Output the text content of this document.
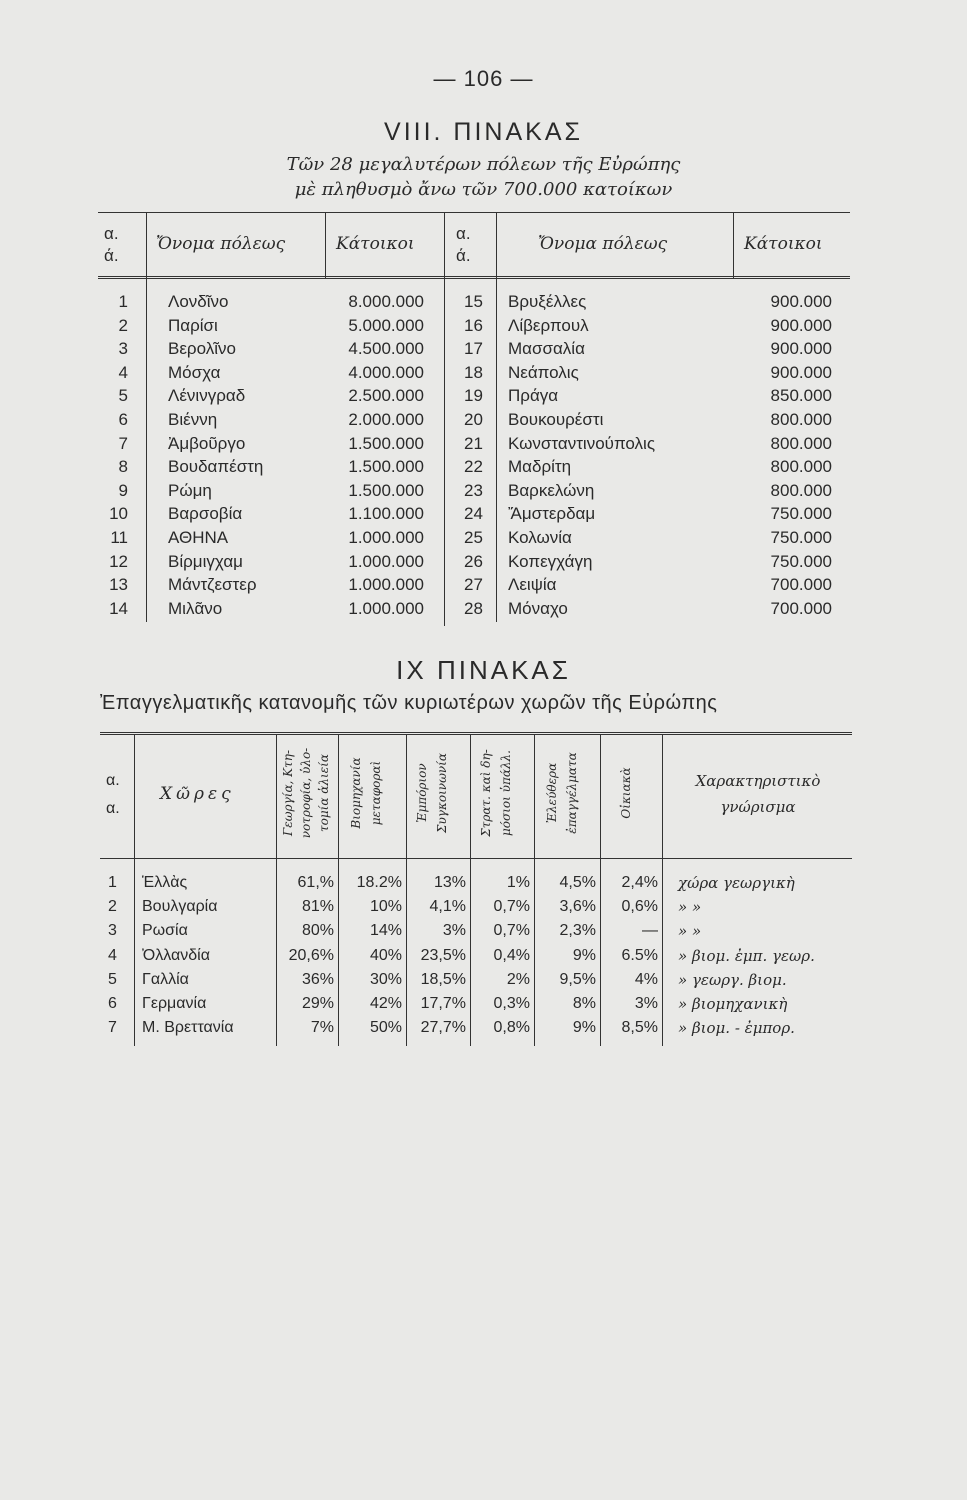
— 106 —
VIII. ΠΙΝΑΚΑΣ
Τῶν 28 μεγαλυτέρων πόλεων τῆς Εὐρώπης
μὲ πληθυσμὸ ἄνω τῶν 700.000 κατοίκων
α.
ά.
Ὄνομα πόλεως	Κάτοικοι
α.
ά.
Ὄνομα πόλεως	Κάτοικοι
1 Λονδῖνο	8.000.000
2 Παρίσι	5.000.000
3 Βερολῖνο	4.500.000
4 Μόσχα	4.000.000
5 Λένινγραδ	2.500.000
6 Βιέννη	2.000.000
7 Ἀμβοῦργο	1.500.000
8 Βουδαπέστη	1.500.000
9 Ρώμη	1.500.000
10 Βαρσοβία	1.100.000
11 ΑΘΗΝΑ	1.000.000
12 Βίρμιγχαμ	1.000.000
13 Μάντζεστερ	1.000.000
14 Μιλᾶνο	1.000.000
15 Βρυξέλλες	900.000
16 Λίβερπουλ	900.000
17 Μασσαλία	900.000
18 Νεάπολις	900.000
19 Πράγα	850.000
20 Βουκουρέστι	800.000
21 Κωνσταντινούπολις	800.000
22 Μαδρίτη	800.000
23 Βαρκελώνη	800.000
24 Ἄμστερδαμ	750.000
25 Κολωνία	750.000
26 Κοπεγχάγη	750.000
27 Λειψία	700.000
28 Μόναχο	700.000
IX ΠΙΝΑΚΑΣ
Ἐπαγγελματικῆς κατανομῆς τῶν κυριωτέρων χωρῶν τῆς Εὐρώπης
α.
α.
Χῶρες	Γεωργία, Κτη- νοτροφία, ὑλο- τομία ἁλιεία	Βιομηχανία μεταφοραὶ	Ἐμπόριον Συγκοινωνία	Στρατ. καὶ δη- μόσιοι ὑπάλλ.	Ἐλεύθερα ἐπαγγέλματα	Οἰκιακὰ	Χαρακτηριστικὸ
γνώρισμα
1 Ἑλλὰς	61,%	18.2%	13%	1%	4,5%	2,4% χώρα γεωργικὴ
2 Βουλγαρία	81%	10%	4,1%	0,7%	3,6%	0,6% » »
3 Ρωσία	80%	14%	3%	0,7%	2,3%	— » »
4 Ὀλλανδία	20,6%	40%	23,5%	0,4%	9%	6.5% » βιομ. ἐμπ. γεωρ.
5 Γαλλία	36%	30%	18,5%	2%	9,5%	4% » γεωργ. βιομ.
6 Γερμανία	29%	42%	17,7%	0,3%	8%	3% » βιομηχανικὴ
7 Μ. Βρεττανία	7%	50%	27,7%	0,8%	9%	8,5% » βιομ. - ἐμπορ.
